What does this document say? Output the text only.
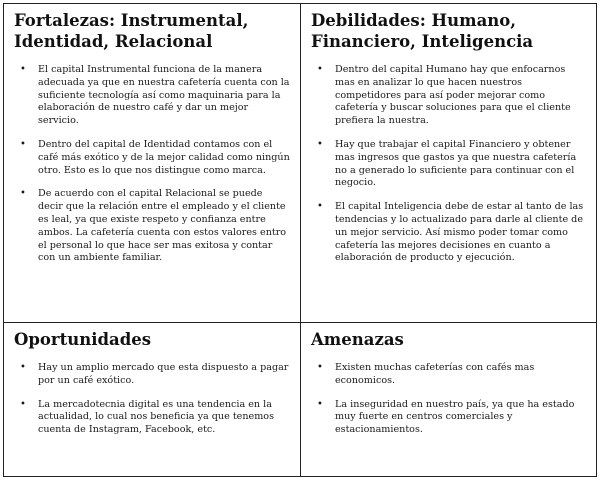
Fortalezas: Instrumental, Identidad, Relacional
• El capital Instrumental funciona de la manera adecuada ya que en nuestra cafetería cuenta con la suficiente tecnología así como maquinaria para la elaboración de nuestro café y dar un mejor servicio.
• Dentro del capital de Identidad contamos con el café más exótico y de la mejor calidad como ningún otro. Esto es lo que nos distingue como marca.
• De acuerdo con el capital Relacional se puede decir que la relación entre el empleado y el cliente es leal, ya que existe respeto y confianza entre ambos. La cafetería cuenta con estos valores entro el personal lo que hace ser mas exitosa y contar con un ambiente familiar.
Debilidades: Humano, Financiero, Inteligencia
• Dentro del capital Humano hay que enfocarnos mas en analizar lo que hacen nuestros competidores para así poder mejorar como cafetería y buscar soluciones para que el cliente prefiera la nuestra.
• Hay que trabajar el capital Financiero y obtener mas ingresos que gastos ya que nuestra cafetería no a generado lo suficiente para continuar con el negocio.
• El capital Inteligencia debe de estar al tanto de las tendencias y lo actualizado para darle al cliente de un mejor servicio. Así mismo poder tomar como cafetería las mejores decisiones en cuanto a elaboración de producto y ejecución.
Oportunidades
• Hay un amplio mercado que esta dispuesto a pagar por un café exótico.
• La mercadotecnia digital es una tendencia en la actualidad, lo cual nos beneficia ya que tenemos cuenta de Instagram, Facebook, etc.
Amenazas
• Existen muchas cafeterías con cafés mas economicos.
• La inseguridad en nuestro país, ya que ha estado muy fuerte en centros comerciales y estacionamientos.
